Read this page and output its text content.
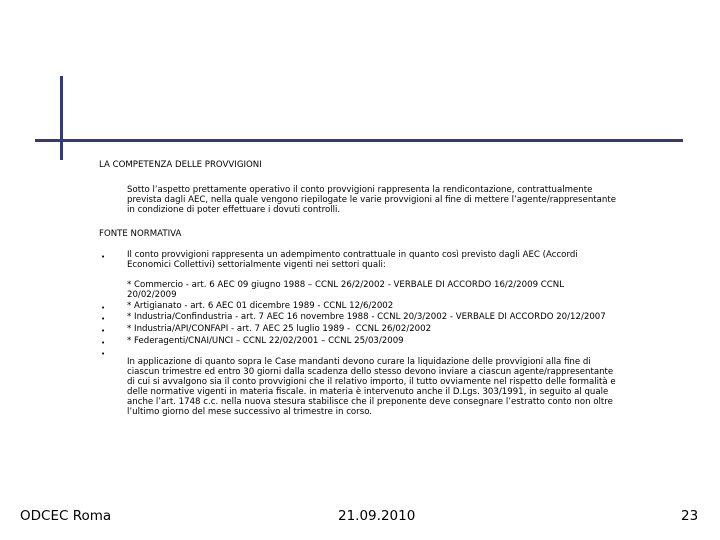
LA COMPETENZA DELLE PROVVIGIONI
Sotto l’aspetto prettamente operativo il conto provvigioni rappresenta la rendicontazione, contrattualmente
prevista dagli AEC, nella quale vengono riepilogate le varie provvigioni al fine di mettere l’agente/rappresentante
in condizione di poter effettuare i dovuti controlli.
FONTE NORMATIVA
•	Il conto provvigioni rappresenta un adempimento contrattuale in quanto così previsto dagli AEC (Accordi
Economici Collettivi) settorialmente vigenti nei settori quali:
* Commercio - art. 6 AEC 09 giugno 1988 – CCNL 26/2/2002 - VERBALE DI ACCORDO 16/2/2009 CCNL
20/02/2009
•	* Artigianato - art. 6 AEC 01 dicembre 1989 - CCNL 12/6/2002
•	* Industria/Confindustria - art. 7 AEC 16 novembre 1988 - CCNL 20/3/2002 - VERBALE DI ACCORDO 20/12/2007
•	* Industria/API/CONFAPI - art. 7 AEC 25 luglio 1989 -  CCNL 26/02/2002
•	* Federagenti/CNAI/UNCI – CCNL 22/02/2001 – CCNL 25/03/2009
•
In applicazione di quanto sopra le Case mandanti devono curare la liquidazione delle provvigioni alla fine di
ciascun trimestre ed entro 30 giorni dalla scadenza dello stesso devono inviare a ciascun agente/rappresentante
di cui si avvalgono sia il conto provvigioni che il relativo importo, il tutto ovviamente nel rispetto delle formalità e
delle normative vigenti in materia fiscale. in materia è intervenuto anche il D.Lgs. 303/1991, in seguito al quale
anche l’art. 1748 c.c. nella nuova stesura stabilisce che il preponente deve consegnare l’estratto conto non oltre
l’ultimo giorno del mese successivo al trimestre in corso.
ODCEC Roma	21.09.2010	23
